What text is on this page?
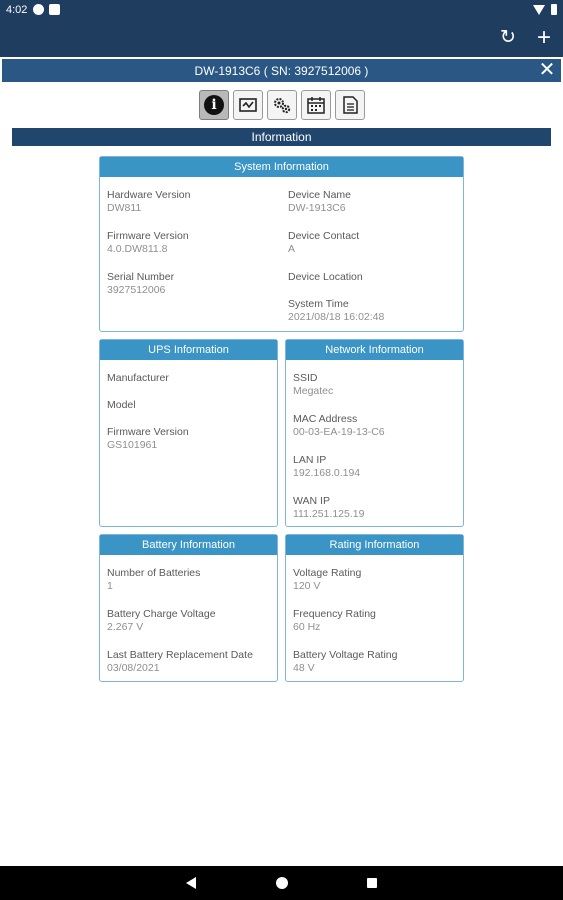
4:02
↻ +
DW-1913C6 ( SN: 3927512006 )	✕
i
Information
System Information
Hardware Version
DW811
Firmware Version
4.0.DW811.8
Serial Number
3927512006
Device Name
DW-1913C6
Device Contact
A
Device Location
System Time
2021/08/18 16:02:48
UPS Information
Manufacturer
Model
Firmware Version
GS101961
Network Information
SSID
Megatec
MAC Address
00-03-EA-19-13-C6
LAN IP
192.168.0.194
WAN IP
111.251.125.19
Battery Information
Number of Batteries
1
Battery Charge Voltage
2.267 V
Last Battery Replacement Date
03/08/2021
Rating Information
Voltage Rating
120 V
Frequency Rating
60 Hz
Battery Voltage Rating
48 V
